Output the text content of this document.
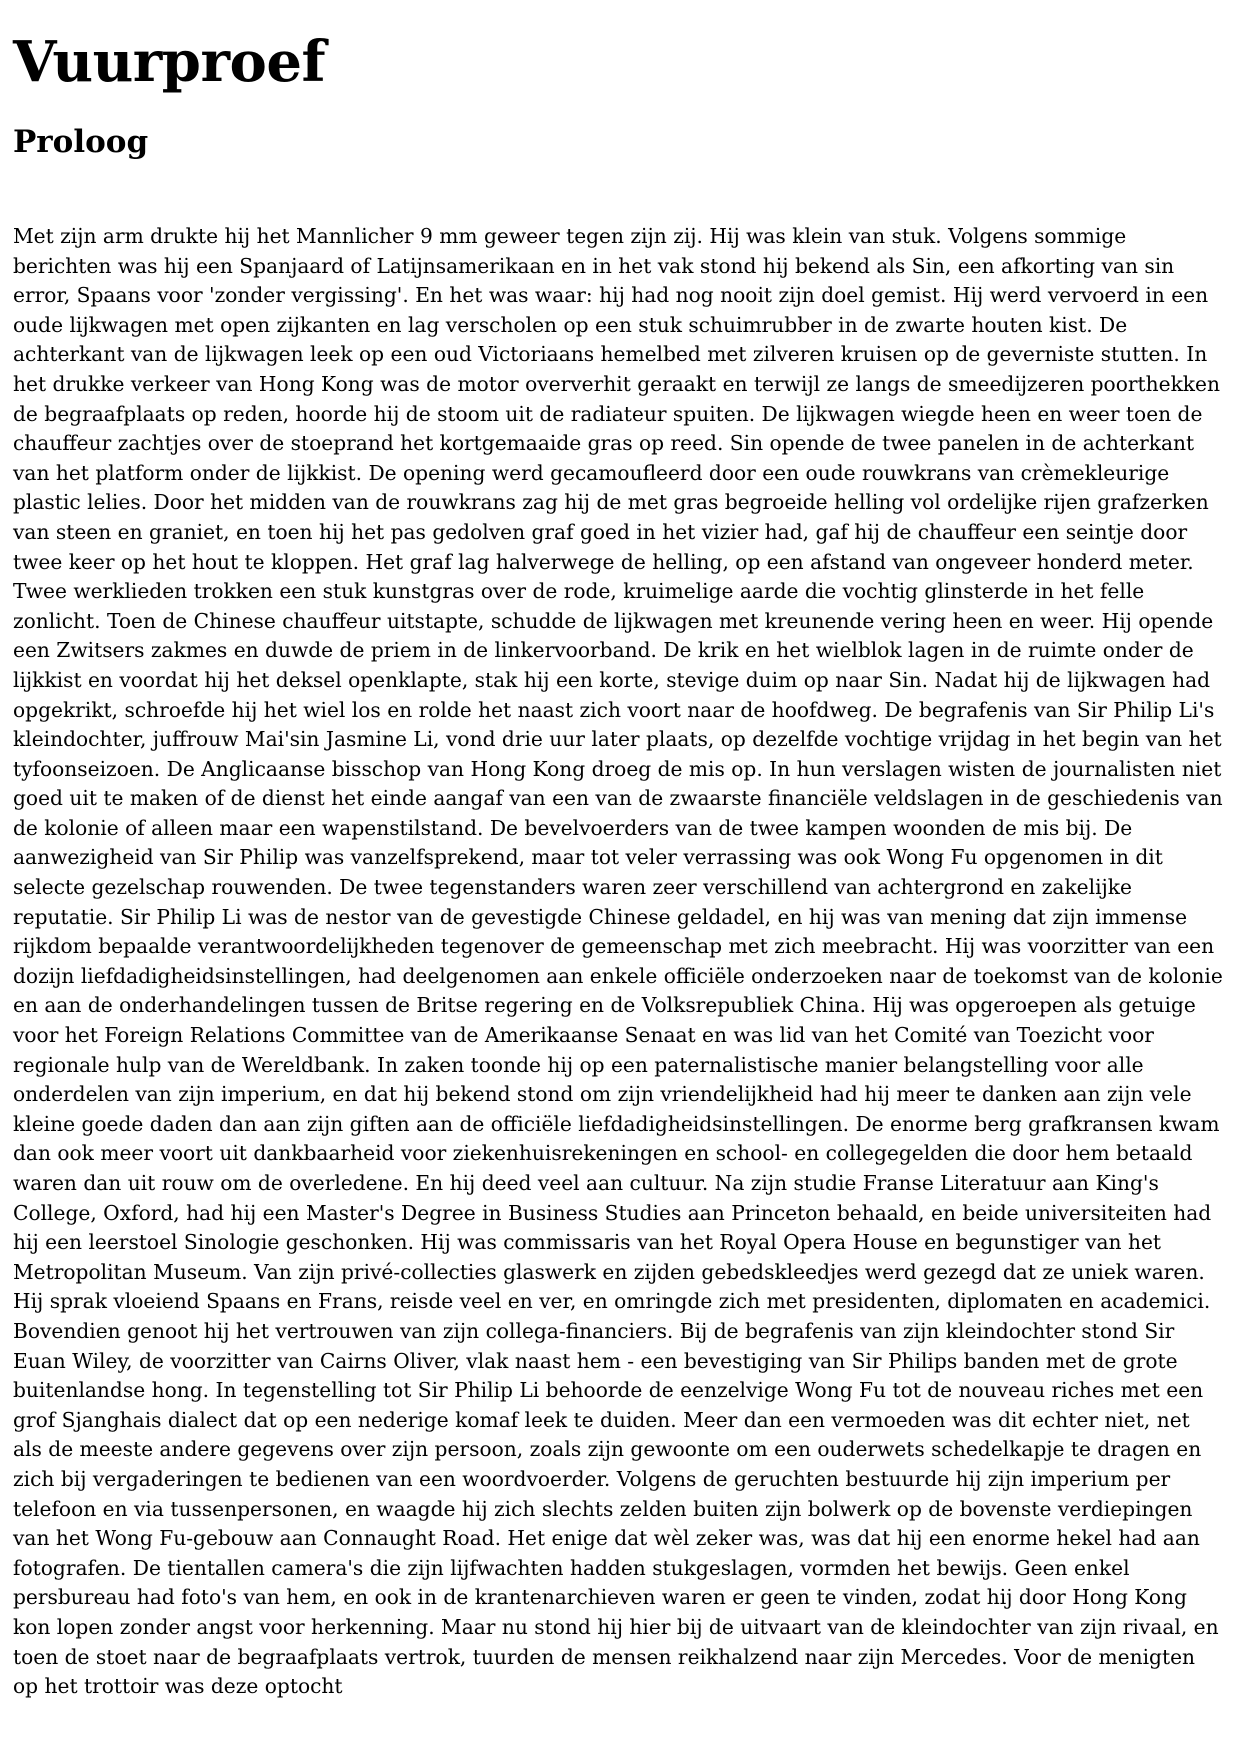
Vuurproef
Proloog

Met zijn arm drukte hij het Mannlicher 9 mm geweer tegen zijn zij. Hij was klein van stuk. Volgens sommige berichten was hij een Spanjaard of Latijnsamerikaan en in het vak stond hij bekend als Sin, een afkorting van sin error, Spaans voor 'zonder vergissing'. En het was waar: hij had nog nooit zijn doel gemist. Hij werd vervoerd in een oude lijkwagen met open zijkanten en lag verscholen op een stuk schuimrubber in de zwarte houten kist. De achterkant van de lijkwagen leek op een oud Victoriaans hemelbed met zilveren kruisen op de geverniste stutten. In het drukke verkeer van Hong Kong was de motor oververhit geraakt en terwijl ze langs de smeedijzeren poorthekken de begraafplaats op reden, hoorde hij de stoom uit de radiateur spuiten. De lijkwagen wiegde heen en weer toen de chauffeur zachtjes over de stoeprand het kortgemaaide gras op reed. Sin opende de twee panelen in de achterkant van het platform onder de lijkkist. De opening werd gecamoufleerd door een oude rouwkrans van crèmekleurige plastic lelies. Door het midden van de rouwkrans zag hij de met gras begroeide helling vol ordelijke rijen grafzerken van steen en graniet, en toen hij het pas gedolven graf goed in het vizier had, gaf hij de chauffeur een seintje door twee keer op het hout te kloppen. Het graf lag halverwege de helling, op een afstand van ongeveer honderd meter. Twee werklieden trokken een stuk kunstgras over de rode, kruimelige aarde die vochtig glinsterde in het felle zonlicht. Toen de Chinese chauffeur uitstapte, schudde de lijkwagen met kreunende vering heen en weer. Hij opende een Zwitsers zakmes en duwde de priem in de linkervoorband. De krik en het wielblok lagen in de ruimte onder de lijkkist en voordat hij het deksel openklapte, stak hij een korte, stevige duim op naar Sin. Nadat hij de lijkwagen had opgekrikt, schroefde hij het wiel los en rolde het naast zich voort naar de hoofdweg. De begrafenis van Sir Philip Li's kleindochter, juffrouw Mai'sin Jasmine Li, vond drie uur later plaats, op dezelfde vochtige vrijdag in het begin van het tyfoonseizoen. De Anglicaanse bisschop van Hong Kong droeg de mis op. In hun verslagen wisten de journalisten niet goed uit te maken of de dienst het einde aangaf van een van de zwaarste financiële veldslagen in de geschiedenis van de kolonie of alleen maar een wapenstilstand. De bevelvoerders van de twee kampen woonden de mis bij. De aanwezigheid van Sir Philip was vanzelfsprekend, maar tot veler verrassing was ook Wong Fu opgenomen in dit selecte gezelschap rouwenden. De twee tegenstanders waren zeer verschillend van achtergrond en zakelijke reputatie. Sir Philip Li was de nestor van de gevestigde Chinese geldadel, en hij was van mening dat zijn immense rijkdom bepaalde verantwoordelijkheden tegenover de gemeenschap met zich meebracht. Hij was voorzitter van een dozijn liefdadigheidsinstellingen, had deelgenomen aan enkele officiële onderzoeken naar de toekomst van de kolonie en aan de onderhandelingen tussen de Britse regering en de Volksrepubliek China. Hij was opgeroepen als getuige voor het Foreign Relations Committee van de Amerikaanse Senaat en was lid van het Comité van Toezicht voor regionale hulp van de Wereldbank. In zaken toonde hij op een paternalistische manier belangstelling voor alle onderdelen van zijn imperium, en dat hij bekend stond om zijn vriendelijkheid had hij meer te danken aan zijn vele kleine goede daden dan aan zijn giften aan de officiële liefdadigheidsinstellingen. De enorme berg grafkransen kwam dan ook meer voort uit dankbaarheid voor ziekenhuisrekeningen en school- en collegegelden die door hem betaald waren dan uit rouw om de overledene. En hij deed veel aan cultuur. Na zijn studie Franse Literatuur aan King's College, Oxford, had hij een Master's Degree in Business Studies aan Princeton behaald, en beide universiteiten had hij een leerstoel Sinologie geschonken. Hij was commissaris van het Royal Opera House en begunstiger van het Metropolitan Museum. Van zijn privé-collecties glaswerk en zijden gebedskleedjes werd gezegd dat ze uniek waren. Hij sprak vloeiend Spaans en Frans, reisde veel en ver, en omringde zich met presidenten, diplomaten en academici. Bovendien genoot hij het vertrouwen van zijn collega-financiers. Bij de begrafenis van zijn kleindochter stond Sir Euan Wiley, de voorzitter van Cairns Oliver, vlak naast hem - een bevestiging van Sir Philips banden met de grote buitenlandse hong. In tegenstelling tot Sir Philip Li behoorde de eenzelvige Wong Fu tot de nouveau riches met een grof Sjanghais dialect dat op een nederige komaf leek te duiden. Meer dan een vermoeden was dit echter niet, net als de meeste andere gegevens over zijn persoon, zoals zijn gewoonte om een ouderwets schedelkapje te dragen en zich bij vergaderingen te bedienen van een woordvoerder. Volgens de geruchten bestuurde hij zijn imperium per telefoon en via tussenpersonen, en waagde hij zich slechts zelden buiten zijn bolwerk op de bovenste verdiepingen van het Wong Fu-gebouw aan Connaught Road. Het enige dat wèl zeker was, was dat hij een enorme hekel had aan fotografen. De tientallen camera's die zijn lijfwachten hadden stukgeslagen, vormden het bewijs. Geen enkel persbureau had foto's van hem, en ook in de krantenarchieven waren er geen te vinden, zodat hij door Hong Kong kon lopen zonder angst voor herkenning. Maar nu stond hij hier bij de uitvaart van de kleindochter van zijn rivaal, en toen de stoet naar de begraafplaats vertrok, tuurden de mensen reikhalzend naar zijn Mercedes. Voor de menigten op het trottoir was deze optocht
